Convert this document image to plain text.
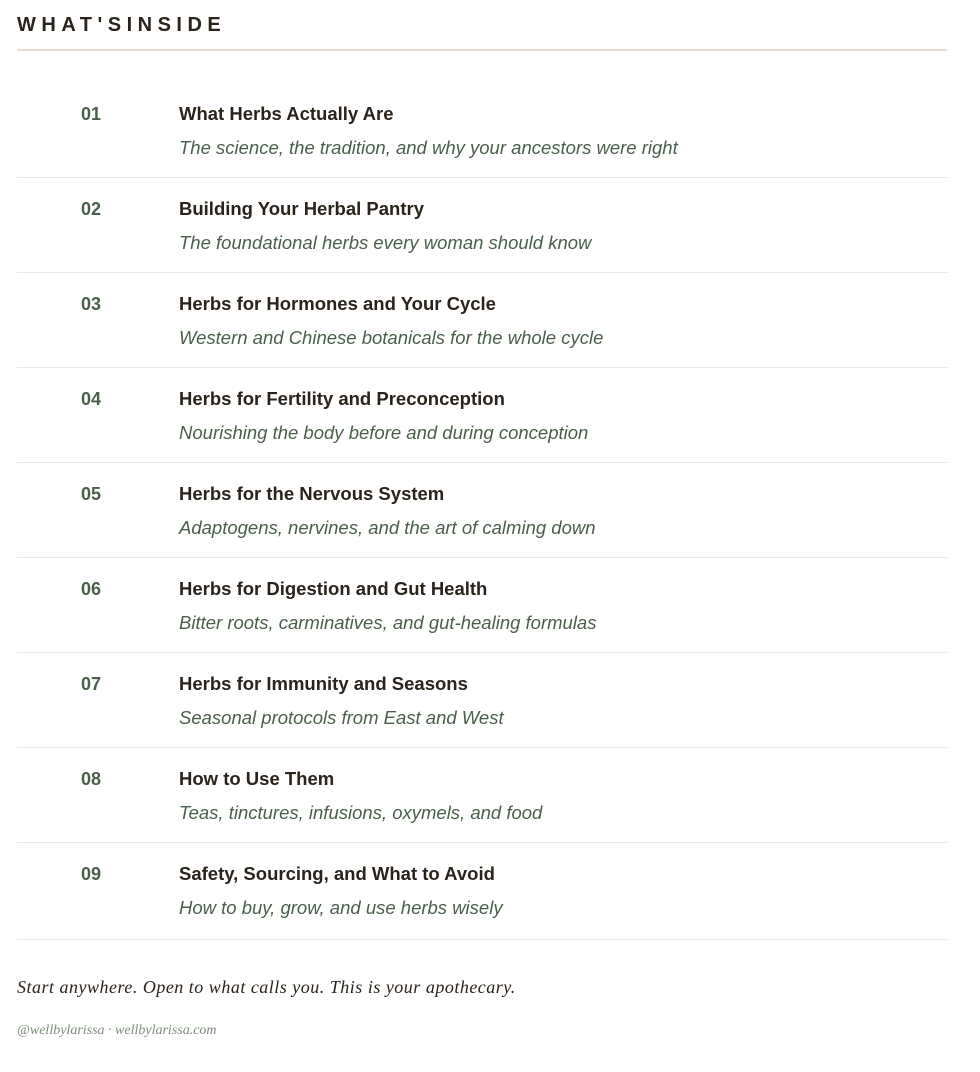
WHAT'SINSIDE
01	What Herbs Actually Are
The science, the tradition, and why your ancestors were right
02	Building Your Herbal Pantry
The foundational herbs every woman should know
03	Herbs for Hormones and Your Cycle
Western and Chinese botanicals for the whole cycle
04	Herbs for Fertility and Preconception
Nourishing the body before and during conception
05	Herbs for the Nervous System
Adaptogens, nervines, and the art of calming down
06	Herbs for Digestion and Gut Health
Bitter roots, carminatives, and gut-healing formulas
07	Herbs for Immunity and Seasons
Seasonal protocols from East and West
08	How to Use Them
Teas, tinctures, infusions, oxymels, and food
09	Safety, Sourcing, and What to Avoid
How to buy, grow, and use herbs wisely
Start anywhere. Open to what calls you. This is your apothecary.
@wellbylarissa · wellbylarissa.com
